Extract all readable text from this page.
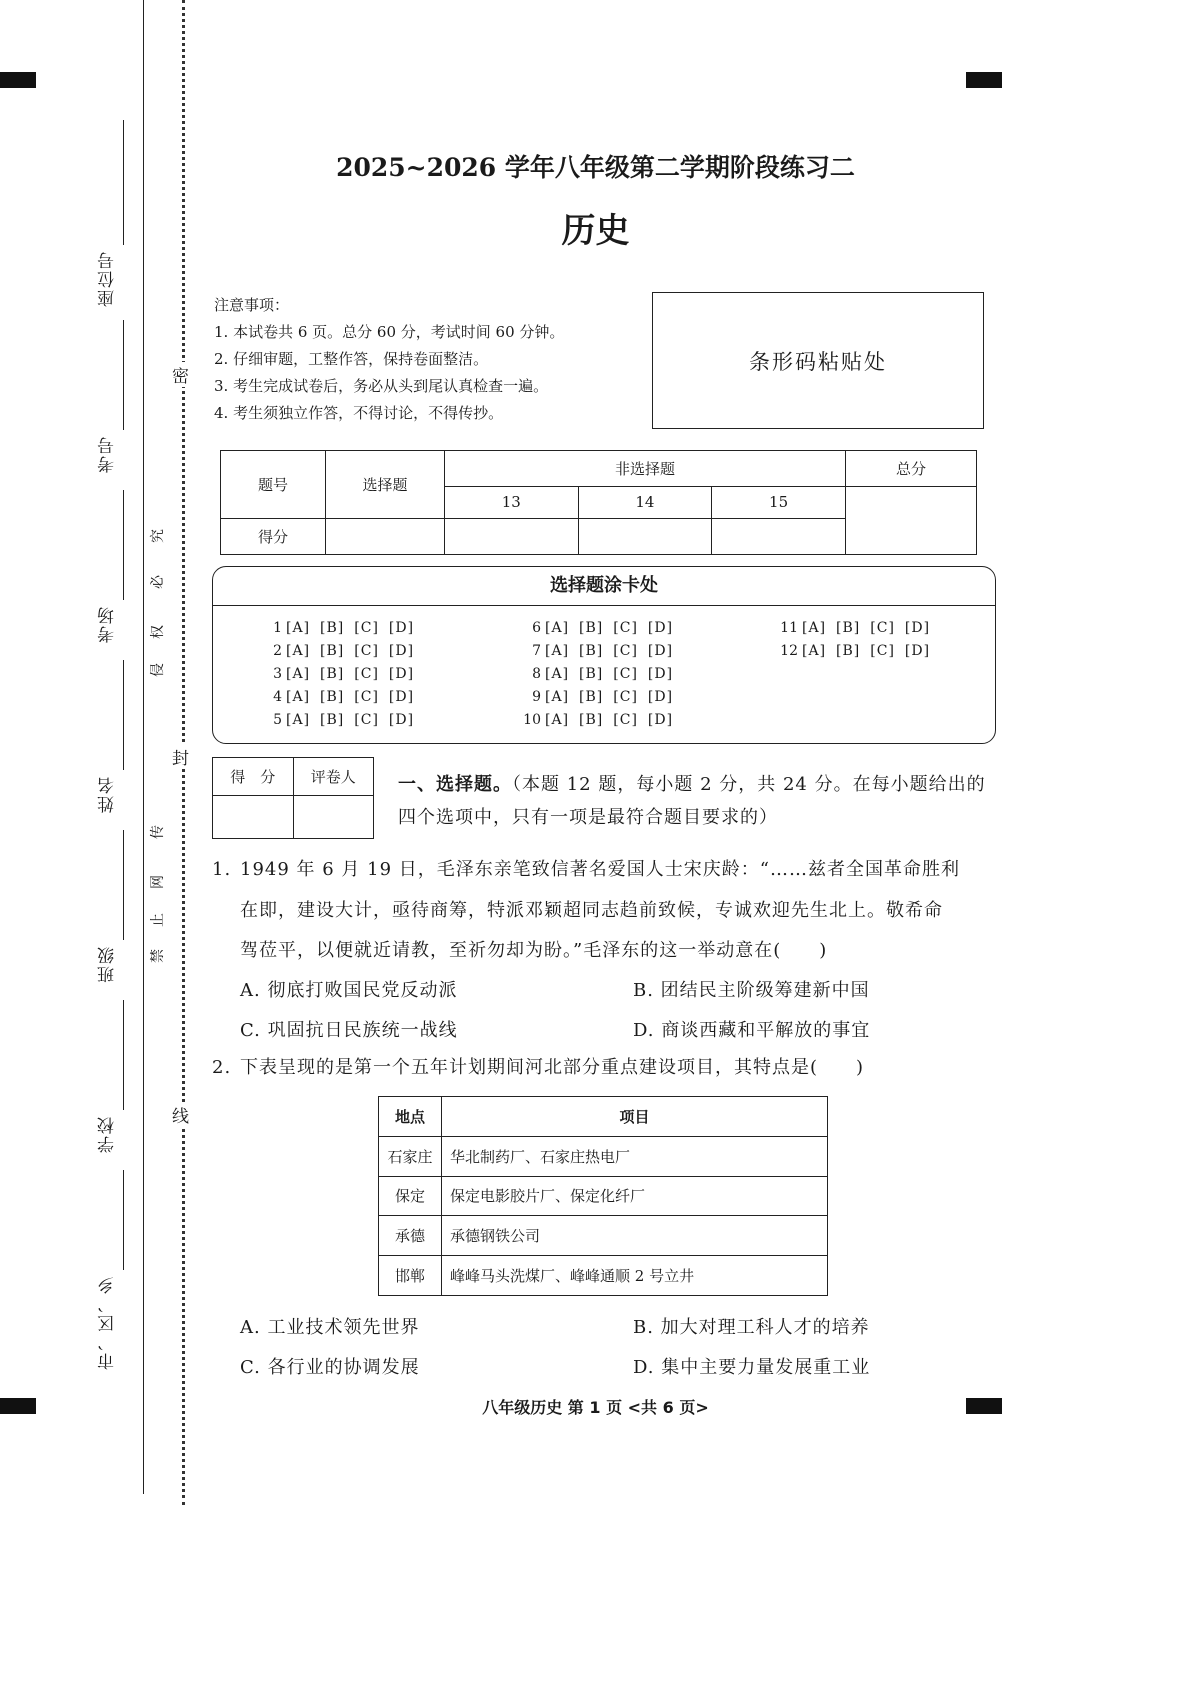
座位号
考号
考场
姓名
班级
学校
市、区、乡
密
封
线
侵
权
必
究
禁
止
网
传
2025~2026 学年八年级第二学期阶段练习二
历史
注意事项：
1. 本试卷共 6 页。总分 60 分，考试时间 60 分钟。
2. 仔细审题，工整作答，保持卷面整洁。
3. 考生完成试卷后，务必从头到尾认真检查一遍。
4. 考生须独立作答，不得讨论，不得传抄。
条形码粘贴处
题号	选择题	非选择题			总分
		13	14	15	
得分					
选择题涂卡处
1 [A] [B] [C] [D]
2 [A] [B] [C] [D]
3 [A] [B] [C] [D]
4 [A] [B] [C] [D]
5 [A] [B] [C] [D]
6 [A] [B] [C] [D]
7 [A] [B] [C] [D]
8 [A] [B] [C] [D]
9 [A] [B] [C] [D]
10 [A] [B] [C] [D]
11 [A] [B] [C] [D]
12 [A] [B] [C] [D]
得　分	评卷人
	一、选择题。（本题 12 题，每小题 2 分，共 24 分。在每小题给出的
四个选项中，只有一项是最符合题目要求的）
1. 1949 年 6 月 19 日，毛泽东亲笔致信著名爱国人士宋庆龄：“……兹者全国革命胜利
在即，建设大计，亟待商筹，特派邓颖超同志趋前致候，专诚欢迎先生北上。敬希命
驾莅平，以便就近请教，至祈勿却为盼。”毛泽东的这一举动意在(　　)
A. 彻底打败国民党反动派	B. 团结民主阶级筹建新中国
C. 巩固抗日民族统一战线	D. 商谈西藏和平解放的事宜
2. 下表呈现的是第一个五年计划期间河北部分重点建设项目，其特点是(　　)
地点	项目
石家庄	华北制药厂、石家庄热电厂
保定	保定电影胶片厂、保定化纤厂
承德	承德钢铁公司
邯郸	峰峰马头洗煤厂、峰峰通顺 2 号立井
A. 工业技术领先世界	B. 加大对理工科人才的培养
C. 各行业的协调发展	D. 集中主要力量发展重工业
八年级历史 第 1 页 <共 6 页>
